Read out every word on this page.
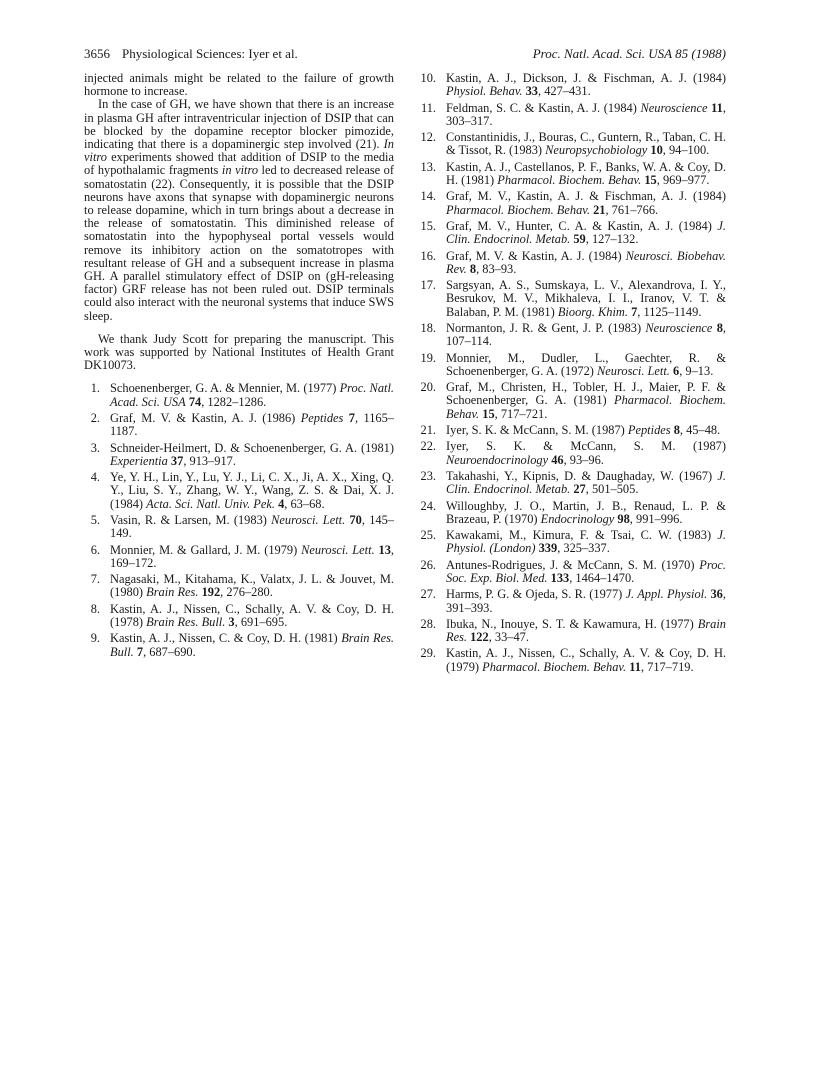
3656 Physiological Sciences: Iyer et al.	Proc. Natl. Acad. Sci. USA 85 (1988)

injected animals might be related to the failure of growth hormone to increase.

In the case of GH, we have shown that there is an increase in plasma GH after intraventricular injection of DSIP that can be blocked by the dopamine receptor blocker pimozide, indicating that there is a dopaminergic step involved (21). In vitro experiments showed that addition of DSIP to the media of hypothalamic fragments in vitro led to decreased release of somatostatin (22). Consequently, it is possible that the DSIP neurons have axons that synapse with dopaminergic neurons to release dopamine, which in turn brings about a decrease in the release of somatostatin. This diminished release of somatostatin into the hypophyseal portal vessels would remove its inhibitory action on the somatotropes with resultant release of GH and a subsequent increase in plasma GH. A parallel stimulatory effect of DSIP on (gH-releasing factor) GRF release has not been ruled out. DSIP terminals could also interact with the neuronal systems that induce SWS sleep.

We thank Judy Scott for preparing the manuscript. This work was supported by National Institutes of Health Grant DK10073.

1. Schoenenberger, G. A. & Mennier, M. (1977) Proc. Natl. Acad. Sci. USA 74, 1282–1286.
2. Graf, M. V. & Kastin, A. J. (1986) Peptides 7, 1165–1187.
3. Schneider-Heilmert, D. & Schoenenberger, G. A. (1981) Experientia 37, 913–917.
4. Ye, Y. H., Lin, Y., Lu, Y. J., Li, C. X., Ji, A. X., Xing, Q. Y., Liu, S. Y., Zhang, W. Y., Wang, Z. S. & Dai, X. J. (1984) Acta. Sci. Natl. Univ. Pek. 4, 63–68.
5. Vasin, R. & Larsen, M. (1983) Neurosci. Lett. 70, 145–149.
6. Monnier, M. & Gallard, J. M. (1979) Neurosci. Lett. 13, 169–172.
7. Nagasaki, M., Kitahama, K., Valatx, J. L. & Jouvet, M. (1980) Brain Res. 192, 276–280.
8. Kastin, A. J., Nissen, C., Schally, A. V. & Coy, D. H. (1978) Brain Res. Bull. 3, 691–695.
9. Kastin, A. J., Nissen, C. & Coy, D. H. (1981) Brain Res. Bull. 7, 687–690.
10. Kastin, A. J., Dickson, J. & Fischman, A. J. (1984) Physiol. Behav. 33, 427–431.
11. Feldman, S. C. & Kastin, A. J. (1984) Neuroscience 11, 303–317.
12. Constantinidis, J., Bouras, C., Guntern, R., Taban, C. H. & Tissot, R. (1983) Neuropsychobiology 10, 94–100.
13. Kastin, A. J., Castellanos, P. F., Banks, W. A. & Coy, D. H. (1981) Pharmacol. Biochem. Behav. 15, 969–977.
14. Graf, M. V., Kastin, A. J. & Fischman, A. J. (1984) Pharmacol. Biochem. Behav. 21, 761–766.
15. Graf, M. V., Hunter, C. A. & Kastin, A. J. (1984) J. Clin. Endocrinol. Metab. 59, 127–132.
16. Graf, M. V. & Kastin, A. J. (1984) Neurosci. Biobehav. Rev. 8, 83–93.
17. Sargsyan, A. S., Sumskaya, L. V., Alexandrova, I. Y., Besrukov, M. V., Mikhaleva, I. I., Iranov, V. T. & Balaban, P. M. (1981) Bioorg. Khim. 7, 1125–1149.
18. Normanton, J. R. & Gent, J. P. (1983) Neuroscience 8, 107–114.
19. Monnier, M., Dudler, L., Gaechter, R. & Schoenenberger, G. A. (1972) Neurosci. Lett. 6, 9–13.
20. Graf, M., Christen, H., Tobler, H. J., Maier, P. F. & Schoenenberger, G. A. (1981) Pharmacol. Biochem. Behav. 15, 717–721.
21. Iyer, S. K. & McCann, S. M. (1987) Peptides 8, 45–48.
22. Iyer, S. K. & McCann, S. M. (1987) Neuroendocrinology 46, 93–96.
23. Takahashi, Y., Kipnis, D. & Daughaday, W. (1967) J. Clin. Endocrinol. Metab. 27, 501–505.
24. Willoughby, J. O., Martin, J. B., Renaud, L. P. & Brazeau, P. (1970) Endocrinology 98, 991–996.
25. Kawakami, M., Kimura, F. & Tsai, C. W. (1983) J. Physiol. (London) 339, 325–337.
26. Antunes-Rodrigues, J. & McCann, S. M. (1970) Proc. Soc. Exp. Biol. Med. 133, 1464–1470.
27. Harms, P. G. & Ojeda, S. R. (1977) J. Appl. Physiol. 36, 391–393.
28. Ibuka, N., Inouye, S. T. & Kawamura, H. (1977) Brain Res. 122, 33–47.
29. Kastin, A. J., Nissen, C., Schally, A. V. & Coy, D. H. (1979) Pharmacol. Biochem. Behav. 11, 717–719.
